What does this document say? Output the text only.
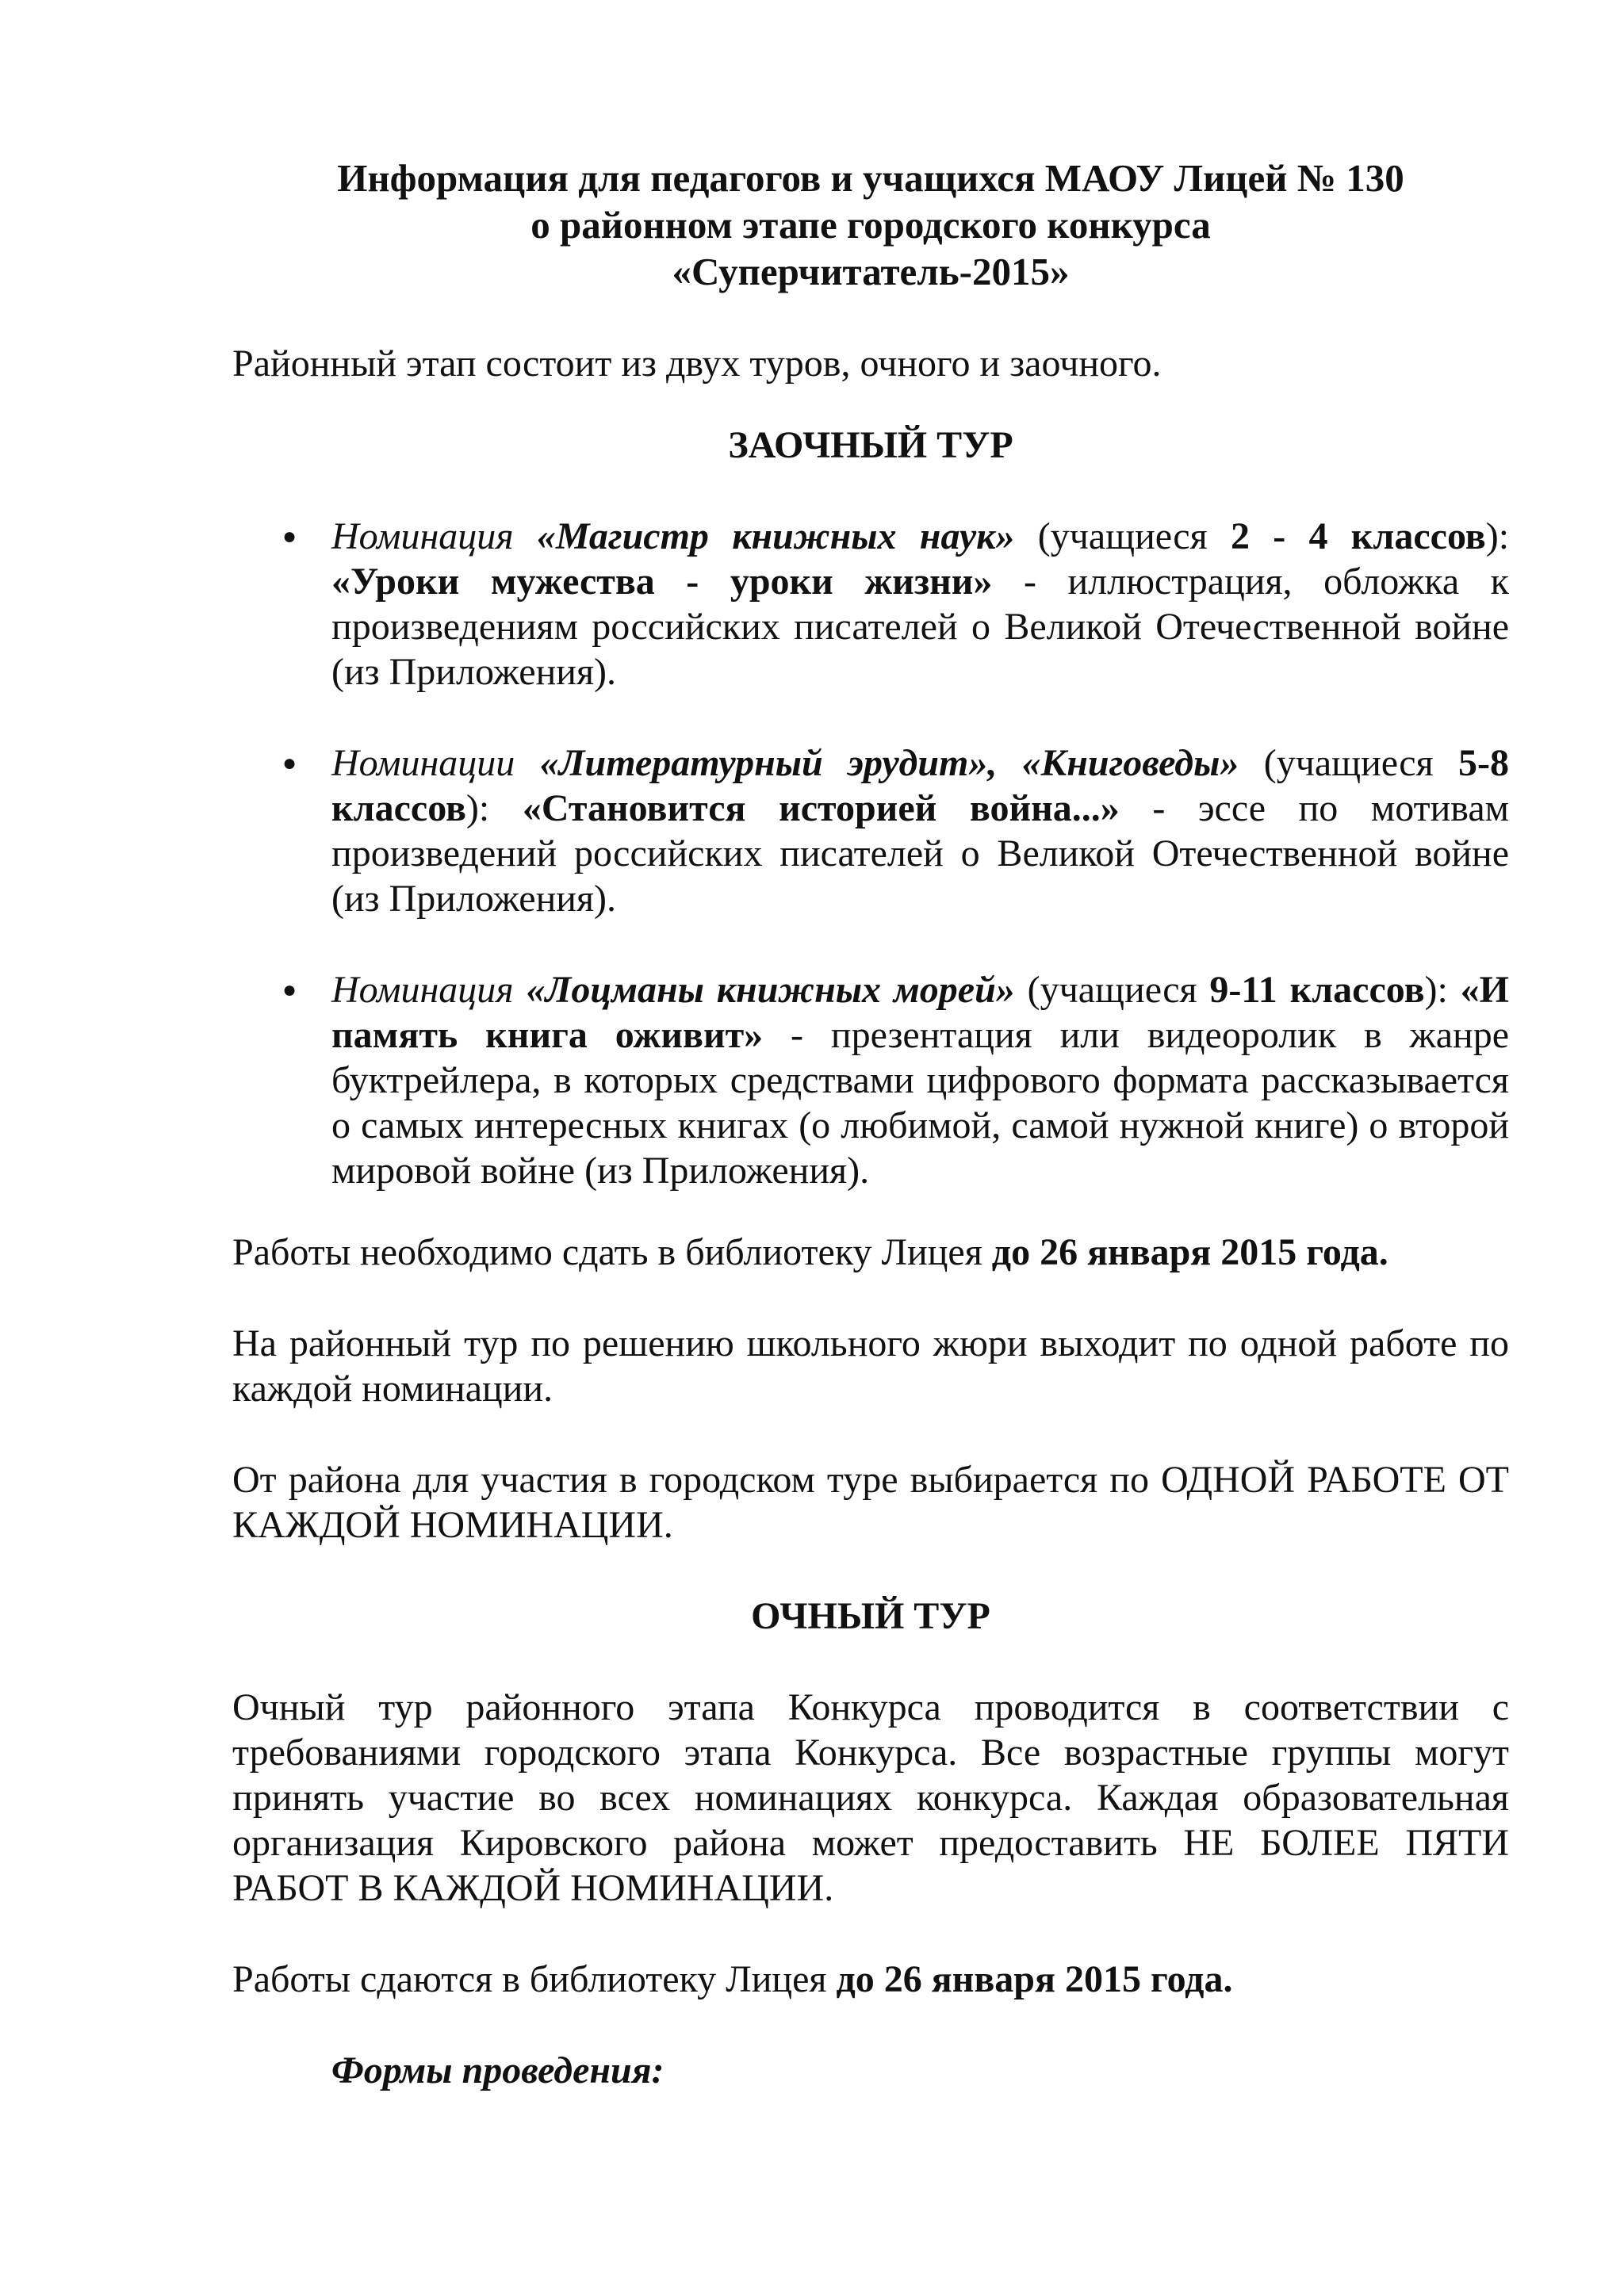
Информация для педагогов и учащихся МАОУ Лицей № 130
о районном этапе городского конкурса
«Суперчитатель-2015»

Районный этап состоит из двух туров, очного и заочного.

ЗАОЧНЫЙ ТУР

● Номинация «Магистр книжных наук» (учащиеся 2 - 4 классов): «Уроки мужества - уроки жизни» - иллюстрация, обложка к произведениям российских писателей о Великой Отечественной войне (из Приложения).
● Номинации «Литературный эрудит», «Книговеды» (учащиеся 5-8 классов): «Становится историей война...» - эссе по мотивам произведений российских писателей о Великой Отечественной войне (из Приложения).
● Номинация «Лоцманы книжных морей» (учащиеся 9-11 классов): «И память книга оживит» - презентация или видеоролик в жанре буктрейлера, в которых средствами цифрового формата рассказывается о самых интересных книгах (о любимой, самой нужной книге) о второй мировой войне (из Приложения).

Работы необходимо сдать в библиотеку Лицея до 26 января 2015 года.

На районный тур по решению школьного жюри выходит по одной работе по каждой номинации.

От района для участия в городском туре выбирается по ОДНОЙ РАБОТЕ ОТ КАЖДОЙ НОМИНАЦИИ.

ОЧНЫЙ ТУР

Очный тур районного этапа Конкурса проводится в соответствии с требованиями городского этапа Конкурса. Все возрастные группы могут принять участие во всех номинациях конкурса. Каждая образовательная организация Кировского района может предоставить НЕ БОЛЕЕ ПЯТИ РАБОТ В КАЖДОЙ НОМИНАЦИИ.

Работы сдаются в библиотеку Лицея до 26 января 2015 года.

Формы проведения:
